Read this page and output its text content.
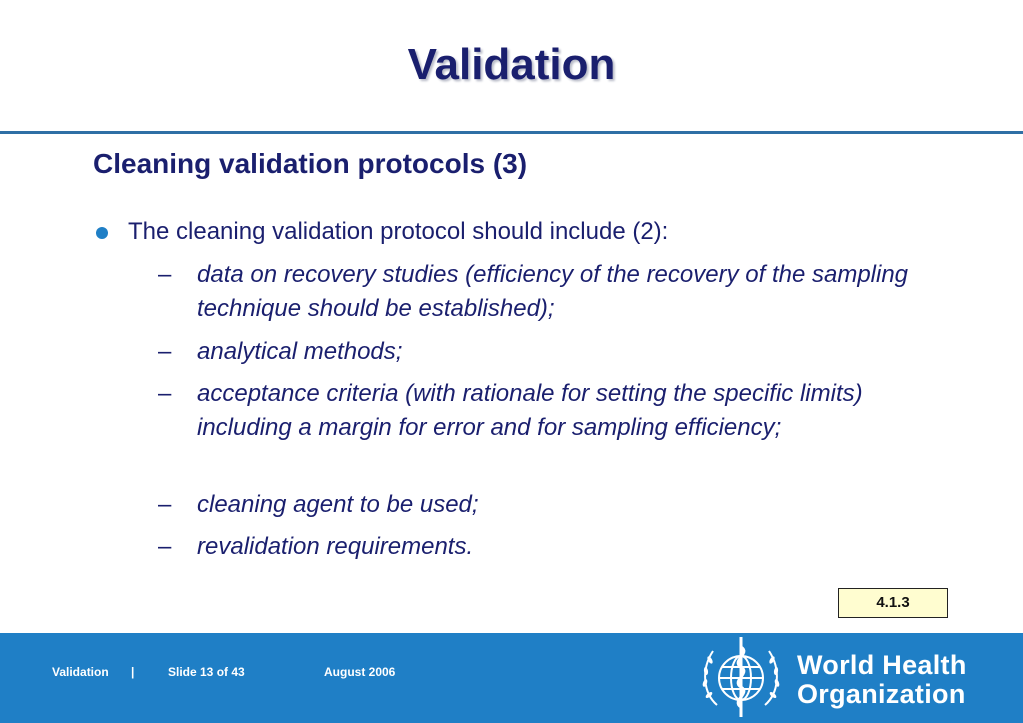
Validation
Cleaning validation protocols (3)
The cleaning validation protocol should include (2):
– data on recovery studies (efficiency of the recovery of the sampling technique should be established);
– analytical methods;
– acceptance criteria (with rationale for setting the specific limits) including a margin for error and for sampling efficiency;
– cleaning agent to be used;
– revalidation requirements.
4.1.3
Validation |	Slide 13 of 43	August 2006	World Health
Organization
